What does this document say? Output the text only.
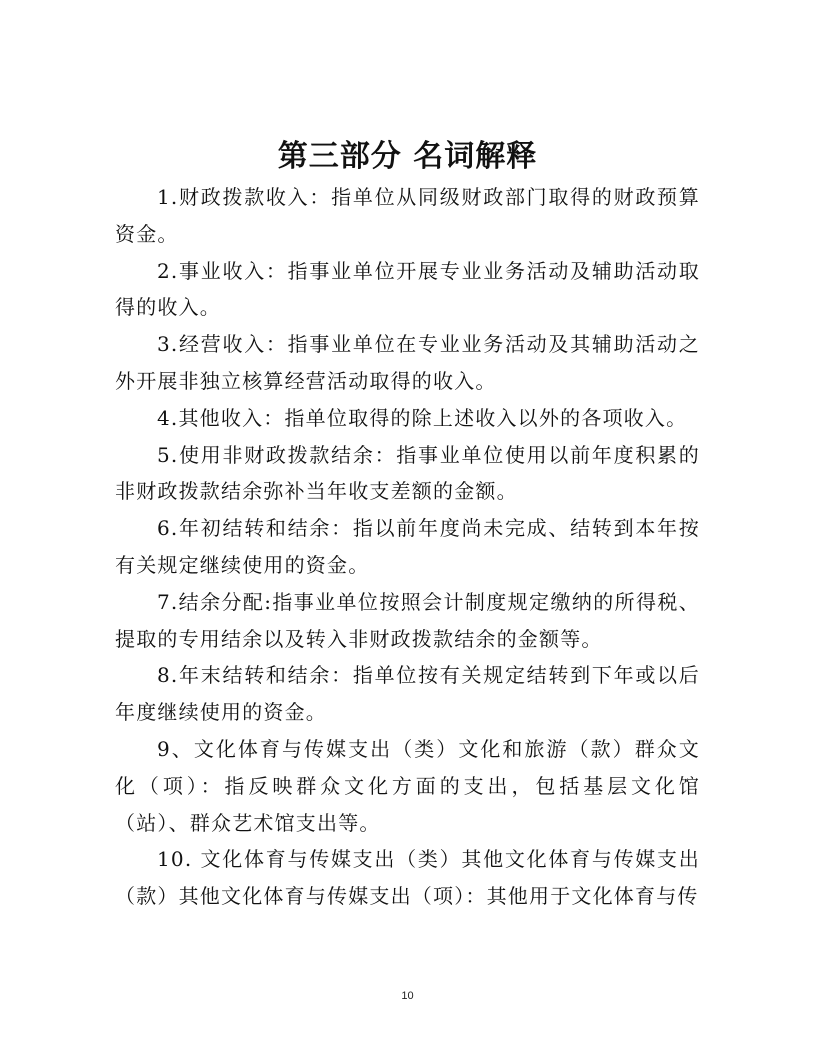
第三部分 名词解释

1.财政拨款收入：指单位从同级财政部门取得的财政预算资金。

2.事业收入：指事业单位开展专业业务活动及辅助活动取得的收入。

3.经营收入：指事业单位在专业业务活动及其辅助活动之外开展非独立核算经营活动取得的收入。

4.其他收入：指单位取得的除上述收入以外的各项收入。

5.使用非财政拨款结余：指事业单位使用以前年度积累的非财政拨款结余弥补当年收支差额的金额。

6.年初结转和结余：指以前年度尚未完成、结转到本年按有关规定继续使用的资金。

7.结余分配:指事业单位按照会计制度规定缴纳的所得税、提取的专用结余以及转入非财政拨款结余的金额等。

8.年末结转和结余：指单位按有关规定结转到下年或以后年度继续使用的资金。

9、文化体育与传媒支出（类）文化和旅游（款）群众文化（项）：指反映群众文化方面的支出，包括基层文化馆（站）、群众艺术馆支出等。

10. 文化体育与传媒支出（类）其他文化体育与传媒支出（款）其他文化体育与传媒支出（项）：其他用于文化体育与传

10
